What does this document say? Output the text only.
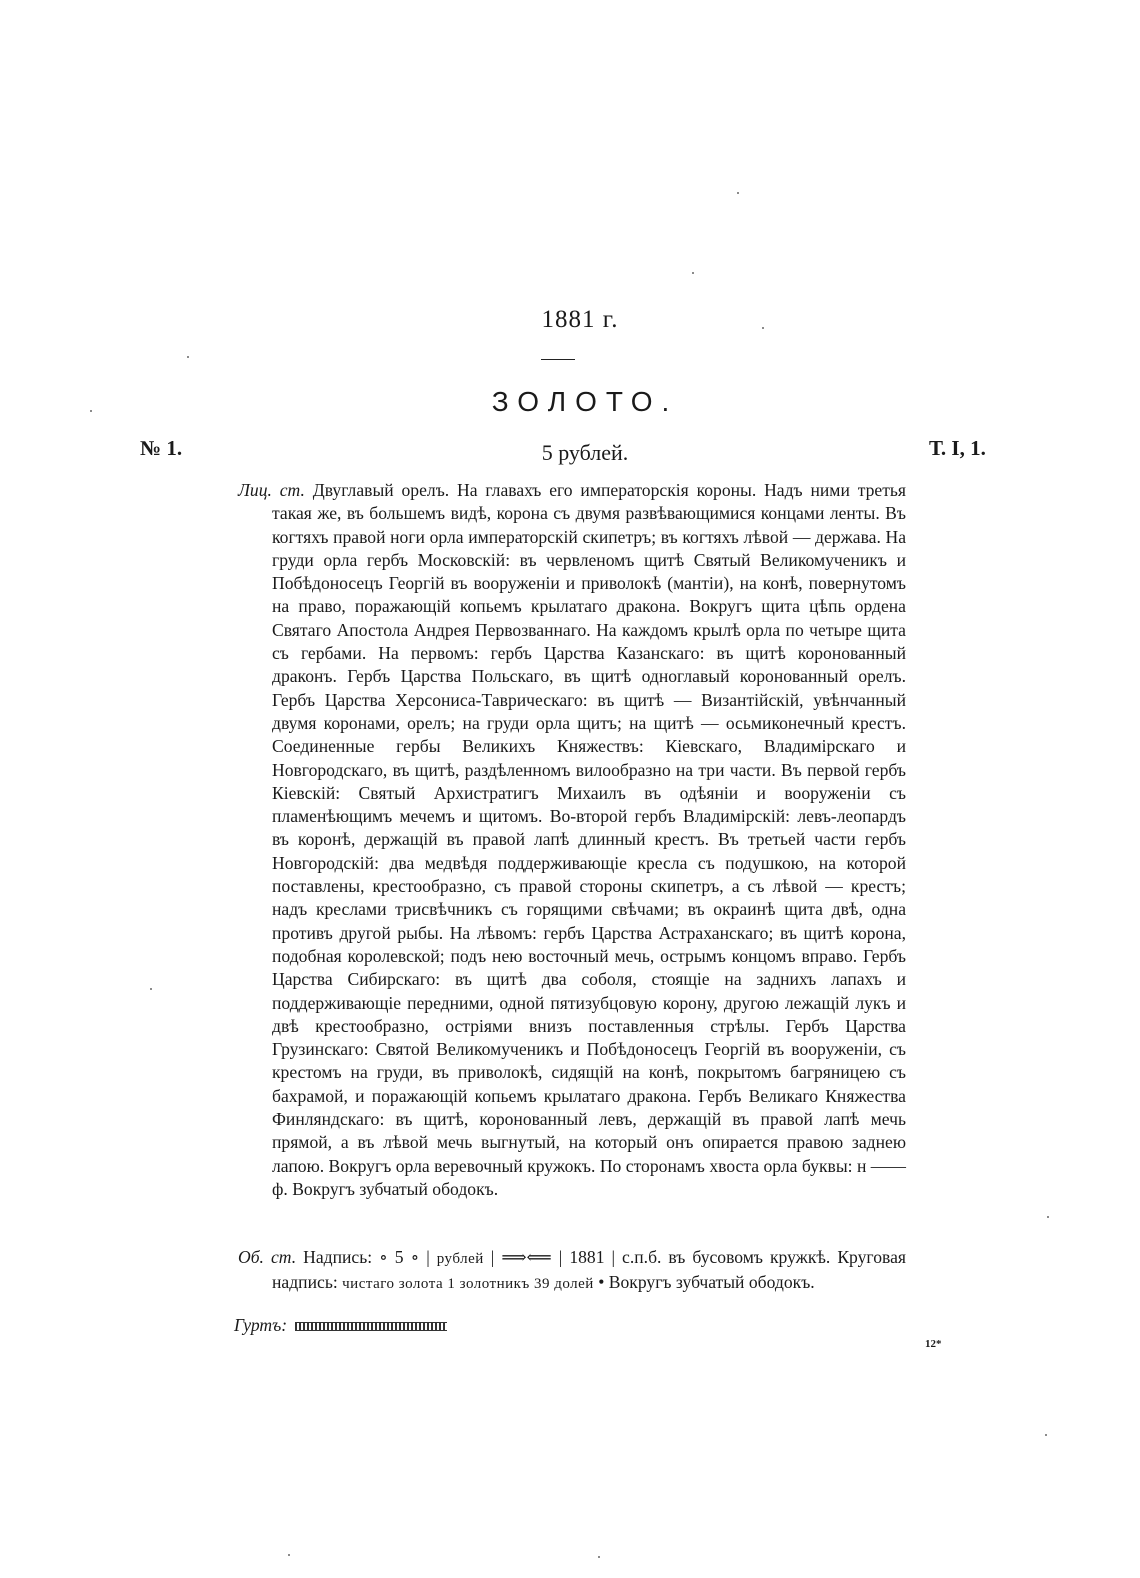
1881 г.
ЗОЛОТО.
№ 1.	5 рублей.	Т. I, 1.
Лиц. ст. Двуглавый орелъ. На главахъ его императорскія короны. Надъ ними третья такая же, въ большемъ видѣ, корона съ двумя развѣвающимися концами ленты. Въ когтяхъ правой ноги орла императорскій скипетръ; въ когтяхъ лѣвой — держава. На груди орла гербъ Московскій: въ червленомъ щитѣ Святый Великомученикъ и Побѣдоносецъ Георгій въ вооруженіи и приволокѣ (мантіи), на конѣ, повернутомъ на право, поражающій копьемъ крылатаго дракона. Вокругъ щита цѣпь ордена Святаго Апостола Андрея Первозваннаго. На каждомъ крылѣ орла по четыре щита съ гербами. На первомъ: гербъ Царства Казанскаго: въ щитѣ коронованный драконъ. Гербъ Царства Польскаго, въ щитѣ одноглавый коронованный орелъ. Гербъ Царства Херсониса-Таврическаго: въ щитѣ — Византійскій, увѣнчанный двумя коронами, орелъ; на груди орла щитъ; на щитѣ — осьмиконечный крестъ. Соединенные гербы Великихъ Княжествъ: Кіевскаго, Владимірскаго и Новгородскаго, въ щитѣ, раздѣленномъ вилообразно на три части. Въ первой гербъ Кіевскій: Святый Архистратигъ Михаилъ въ одѣяніи и вооруженіи съ пламенѣющимъ мечемъ и щитомъ. Во-второй гербъ Владимірскій: левъ-леопардъ въ коронѣ, держащій въ правой лапѣ длинный крестъ. Въ третьей части гербъ Новгородскій: два медвѣдя поддерживающіе кресла съ подушкою, на которой поставлены, крестообразно, съ правой стороны скипетръ, а съ лѣвой — крестъ; надъ креслами трисвѣчникъ съ горящими свѣчами; въ окраинѣ щита двѣ, одна противъ другой рыбы. На лѣвомъ: гербъ Царства Астраханскаго; въ щитѣ корона, подобная королевской; подъ нею восточный мечь, острымъ концомъ вправо. Гербъ Царства Сибирскаго: въ щитѣ два соболя, стоящіе на заднихъ лапахъ и поддерживающіе передними, одной пятизубцовую корону, другою лежащій лукъ и двѣ крестообразно, остріями внизъ поставленныя стрѣлы. Гербъ Царства Грузинскаго: Святой Великомученикъ и Побѣдоносецъ Георгій въ вооруженіи, съ крестомъ на груди, въ приволокѣ, сидящій на конѣ, покрытомъ багряницею съ бахрамой, и поражающій копьемъ крылатаго дракона. Гербъ Великаго Княжества Финляндскаго: въ щитѣ, коронованный левъ, держащій въ правой лапѣ мечь прямой, а въ лѣвой мечь выгнутый, на который онъ опирается правою заднею лапою. Вокругъ орла веревочный кружокъ. По сторонамъ хвоста орла буквы: н —— ф. Вокругъ зубчатый ободокъ.
Об. ст. Надпись: ∘ 5 ∘ | рублей | ⟹⟸ | 1881 | с.п.б. въ бусовомъ кружкѣ. Круговая надпись: чистаго золота 1 золотникъ 39 долей • Вокругъ зубчатый ободокъ.
Гуртъ:
12*
